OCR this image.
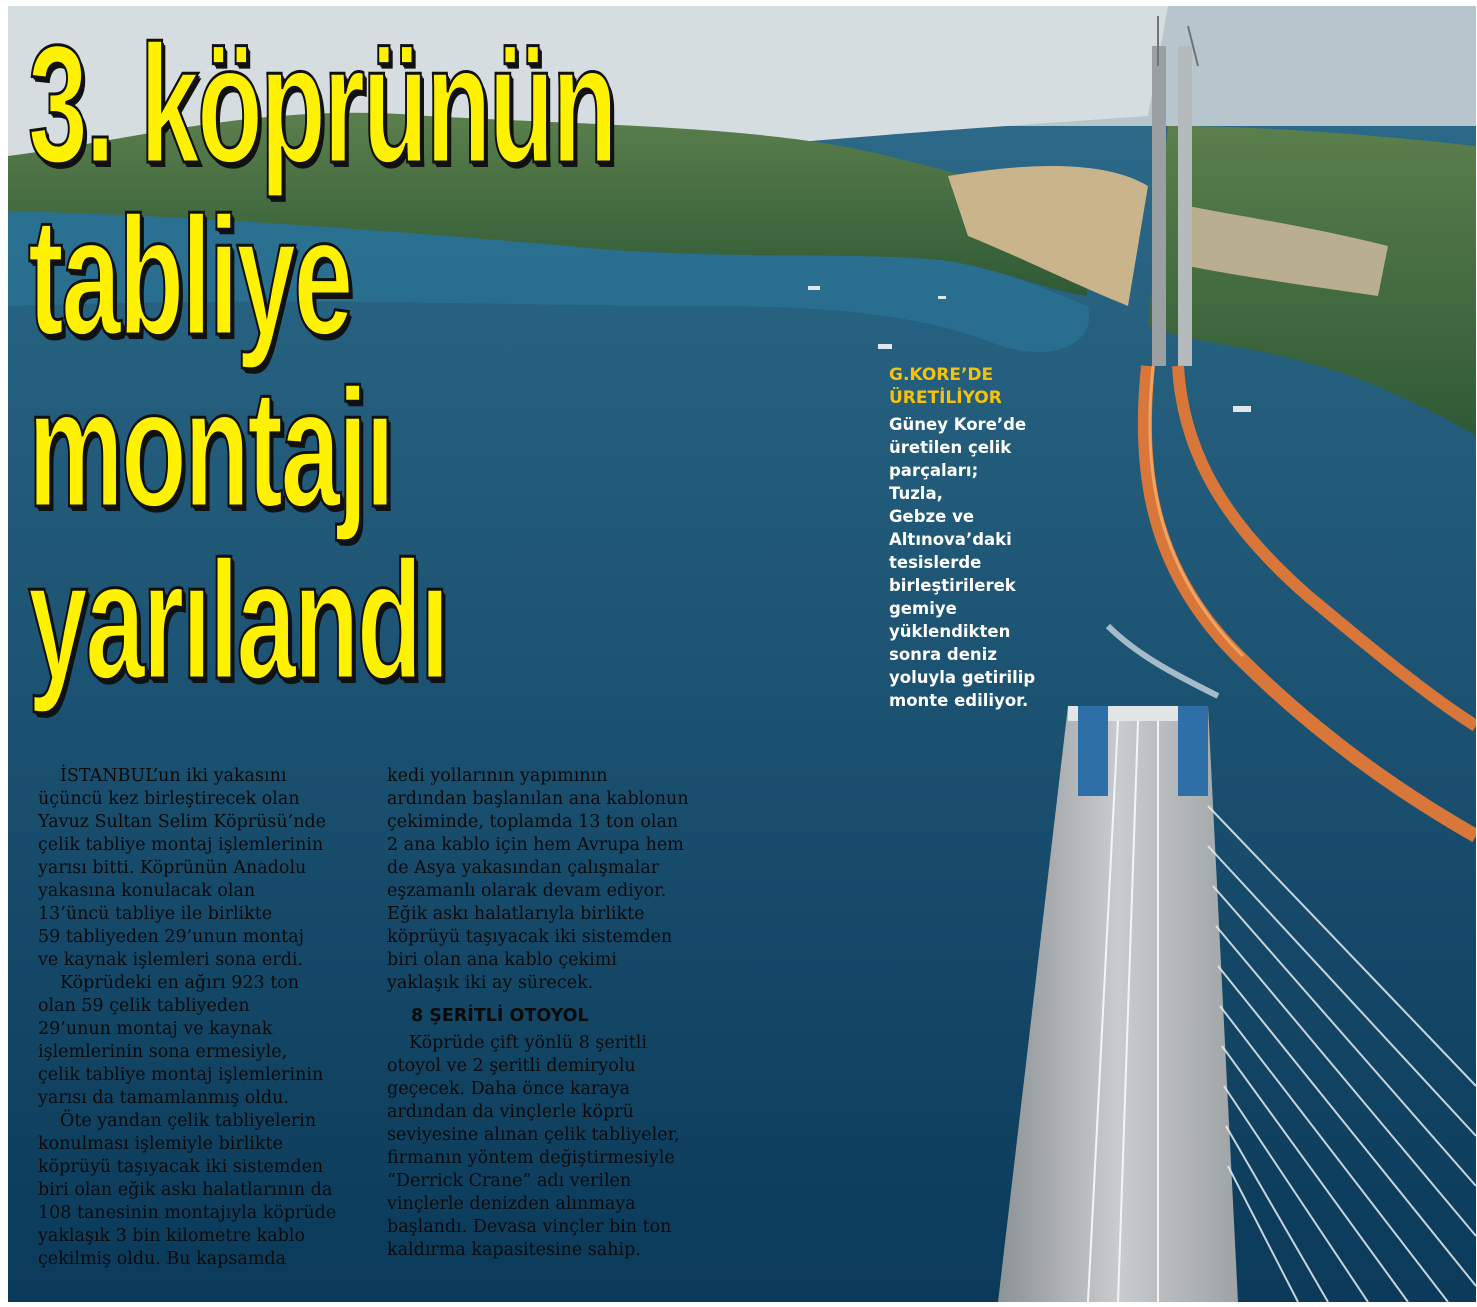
3. köprünün
tabliye
montajı
yarılandı

G.KORE’DE
ÜRETİLİYOR

Güney Kore’de
üretilen çelik
parçaları;
Tuzla,
Gebze ve
Altınova’daki
tesislerde
birleştirilerek
gemiye
yüklendikten
sonra deniz
yoluyla getirilip
monte ediliyor.

İSTANBUL’un iki yakasını
üçüncü kez birleştirecek olan
Yavuz Sultan Selim Köprüsü’nde
çelik tabliye montaj işlemlerinin
yarısı bitti. Köprünün Anadolu
yakasına konulacak olan
13’üncü tabliye ile birlikte
59 tabliyeden 29’unun montaj
ve kaynak işlemleri sona erdi.
Köprüdeki en ağırı 923 ton
olan 59 çelik tabliyeden
29’unun montaj ve kaynak
işlemlerinin sona ermesiyle,
çelik tabliye montaj işlemlerinin
yarısı da tamamlanmış oldu.
Öte yandan çelik tabliyelerin
konulması işlemiyle birlikte
köprüyü taşıyacak iki sistemden
biri olan eğik askı halatlarının da
108 tanesinin montajıyla köprüde
yaklaşık 3 bin kilometre kablo
çekilmiş oldu. Bu kapsamda

kedi yollarının yapımının
ardından başlanılan ana kablonun
çekiminde, toplamda 13 ton olan
2 ana kablo için hem Avrupa hem
de Asya yakasından çalışmalar
eşzamanlı olarak devam ediyor.
Eğik askı halatlarıyla birlikte
köprüyü taşıyacak iki sistemden
biri olan ana kablo çekimi
yaklaşık iki ay sürecek.

8 ŞERİTLİ OTOYOL

Köprüde çift yönlü 8 şeritli
otoyol ve 2 şeritli demiryolu
geçecek. Daha önce karaya
ardından da vinçlerle köprü
seviyesine alınan çelik tabliyeler,
firmanın yöntem değiştirmesiyle
“Derrick Crane” adı verilen
vinçlerle denizden alınmaya
başlandı. Devasa vinçler bin ton
kaldırma kapasitesine sahip.
